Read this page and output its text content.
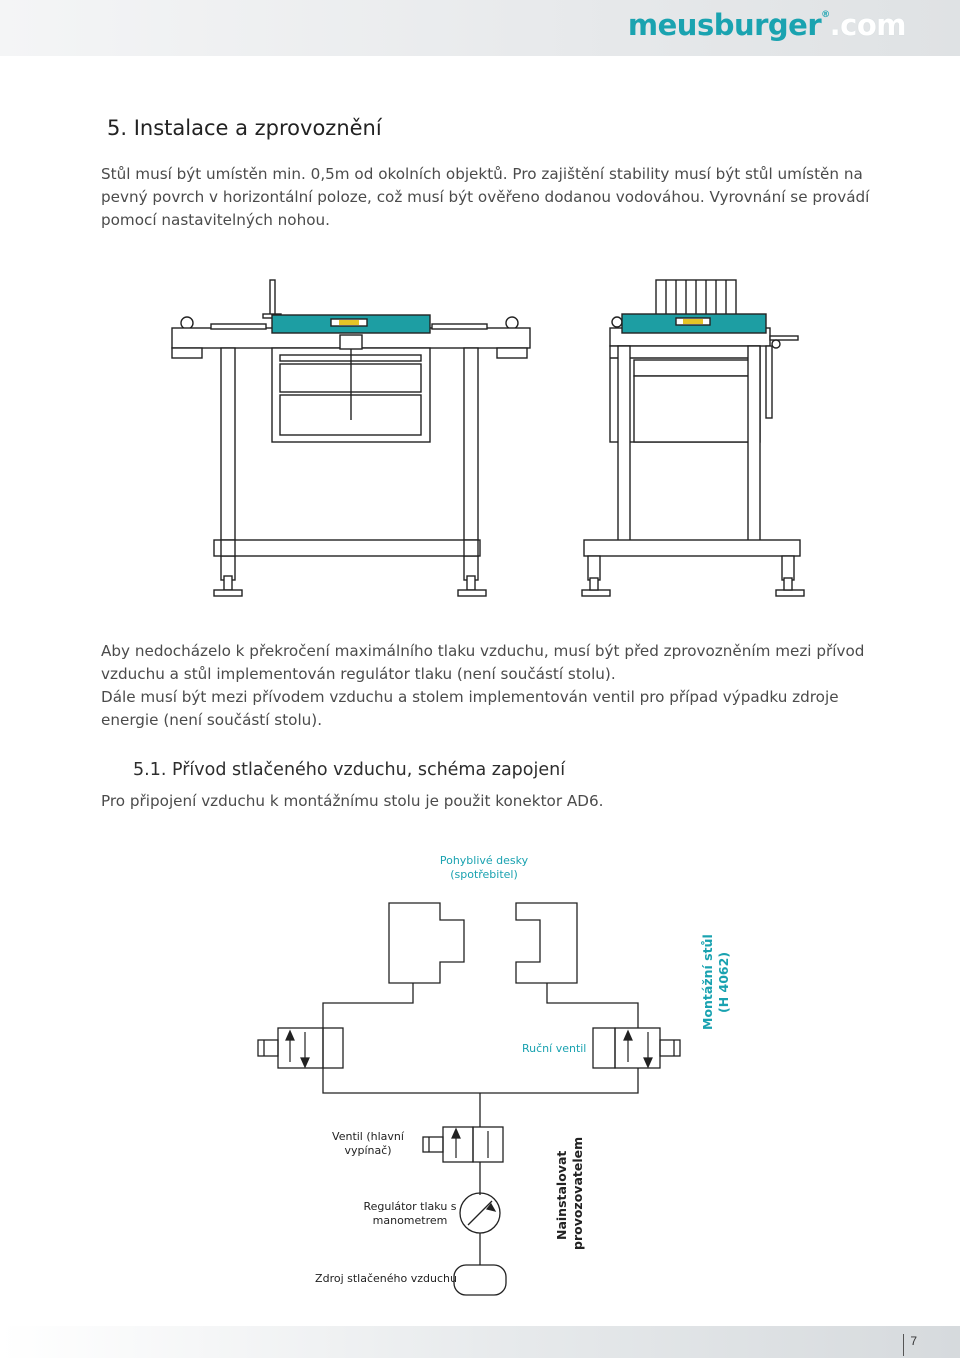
meusburger®.com
5. Instalace a zprovoznění

Stůl musí být umístěn min. 0,5m od okolních objektů. Pro zajištění stability musí být stůl umístěn na pevný povrch v horizontální poloze, což musí být ověřeno dodanou vodováhou. Vyrovnání se provádí pomocí nastavitelných nohou.

Aby nedocházelo k překročení maximálního tlaku vzduchu, musí být před zprovozněním mezi přívod vzduchu a stůl implementován regulátor tlaku (není součástí stolu).

Dále musí být mezi přívodem vzduchu a stolem implementován ventil pro případ výpadku zdroje energie (není součástí stolu).

5.1. Přívod stlačeného vzduchu, schéma zapojení

Pro připojení vzduchu k montážnímu stolu je použit konektor AD6.

Pohyblivé desky
(spotřebitel)
Montážní stůl (H 4062)
Ruční ventil
Ventil (hlavní
vypínač)
Regulátor tlaku s
manometrem	Nainstalovat provozovatelem
Zdroj stlačeného vzduchu
7
